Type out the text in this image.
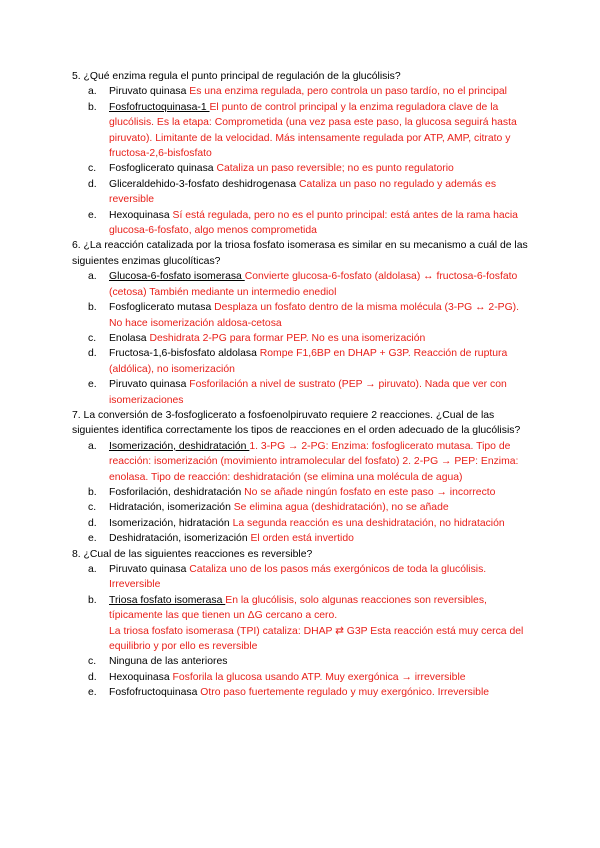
5. ¿Qué enzima regula el punto principal de regulación de la glucólisis?

a. Piruvato quinasa Es una enzima regulada, pero controla un paso tardío, no el principal
b. Fosfofructoquinasa-1 El punto de control principal y la enzima reguladora clave de la glucólisis. Es la etapa: Comprometida (una vez pasa este paso, la glucosa seguirá hasta piruvato). Limitante de la velocidad. Más intensamente regulada por ATP, AMP, citrato y fructosa-2,6-bisfosfato
c. Fosfoglicerato quinasa Cataliza un paso reversible; no es punto regulatorio
d. Gliceraldehido-3-fosfato deshidrogenasa Cataliza un paso no regulado y además es reversible
e. Hexoquinasa Sí está regulada, pero no es el punto principal: está antes de la rama hacia glucosa-6-fosfato, algo menos comprometida

6. ¿La reacción catalizada por la triosa fosfato isomerasa es similar en su mecanismo a cuál de las siguientes enzimas glucolíticas?

a. Glucosa-6-fosfato isomerasa Convierte glucosa-6-fosfato (aldolasa) ↔ fructosa-6-fosfato (cetosa) También mediante un intermedio enediol
b. Fosfoglicerato mutasa Desplaza un fosfato dentro de la misma molécula (3-PG ↔ 2-PG). No hace isomerización aldosa-cetosa
c. Enolasa Deshidrata 2-PG para formar PEP. No es una isomerización
d. Fructosa-1,6-bisfosfato aldolasa Rompe F1,6BP en DHAP + G3P. Reacción de ruptura (aldólica), no isomerización
e. Piruvato quinasa Fosforilación a nivel de sustrato (PEP → piruvato). Nada que ver con isomerizaciones

7. La conversión de 3-fosfoglicerato a fosfoenolpiruvato requiere 2 reacciones. ¿Cual de las siguientes identifica correctamente los tipos de reacciones en el orden adecuado de la glucólisis?

a. Isomerización, deshidratación 1. 3-PG → 2-PG: Enzima: fosfoglicerato mutasa. Tipo de reacción: isomerización (movimiento intramolecular del fosfato) 2. 2-PG → PEP: Enzima: enolasa. Tipo de reacción: deshidratación (se elimina una molécula de agua)
b. Fosforilación, deshidratación No se añade ningún fosfato en este paso → incorrecto
c. Hidratación, isomerización Se elimina agua (deshidratación), no se añade
d. Isomerización, hidratación La segunda reacción es una deshidratación, no hidratación
e. Deshidratación, isomerización El orden está invertido

8. ¿Cual de las siguientes reacciones es reversible?

a. Piruvato quinasa Cataliza uno de los pasos más exergónicos de toda la glucólisis. Irreversible
b. Triosa fosfato isomerasa En la glucólisis, solo algunas reacciones son reversibles, típicamente las que tienen un ΔG cercano a cero.
La triosa fosfato isomerasa (TPI) cataliza: DHAP ⇄ G3P Esta reacción está muy cerca del equilibrio y por ello es reversible
c. Ninguna de las anteriores
d. Hexoquinasa Fosforila la glucosa usando ATP. Muy exergónica → irreversible
e. Fosfofructoquinasa Otro paso fuertemente regulado y muy exergónico. Irreversible
